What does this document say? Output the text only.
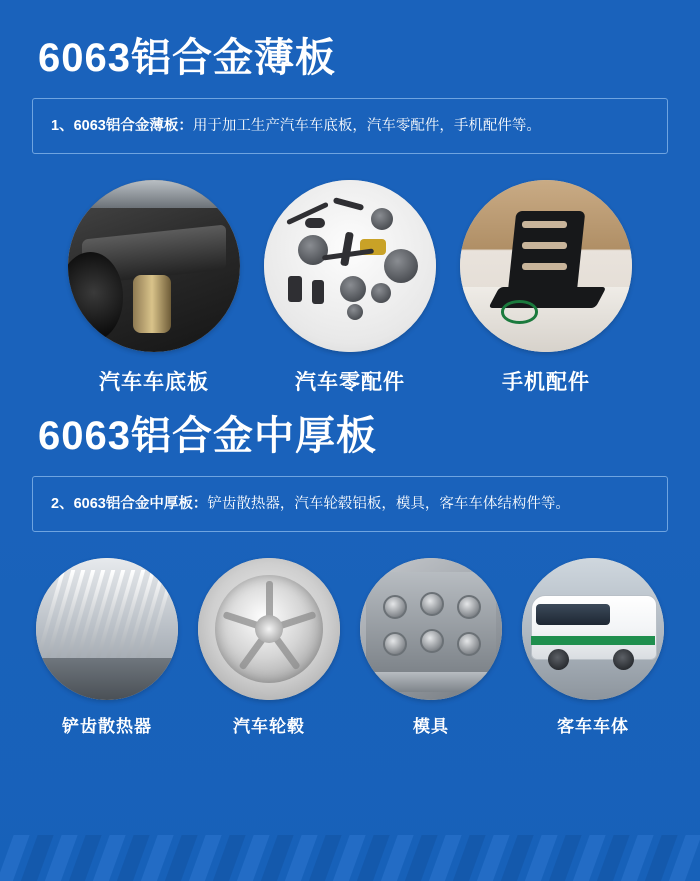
6063铝合金薄板
1、6063铝合金薄板：用于加工生产汽车车底板，汽车零配件，手机配件等。
汽车车底板	汽车零配件	手机配件
6063铝合金中厚板
2、6063铝合金中厚板：铲齿散热器，汽车轮毂铝板，模具，客车车体结构件等。
铲齿散热器	汽车轮毂	模具	客车车体
